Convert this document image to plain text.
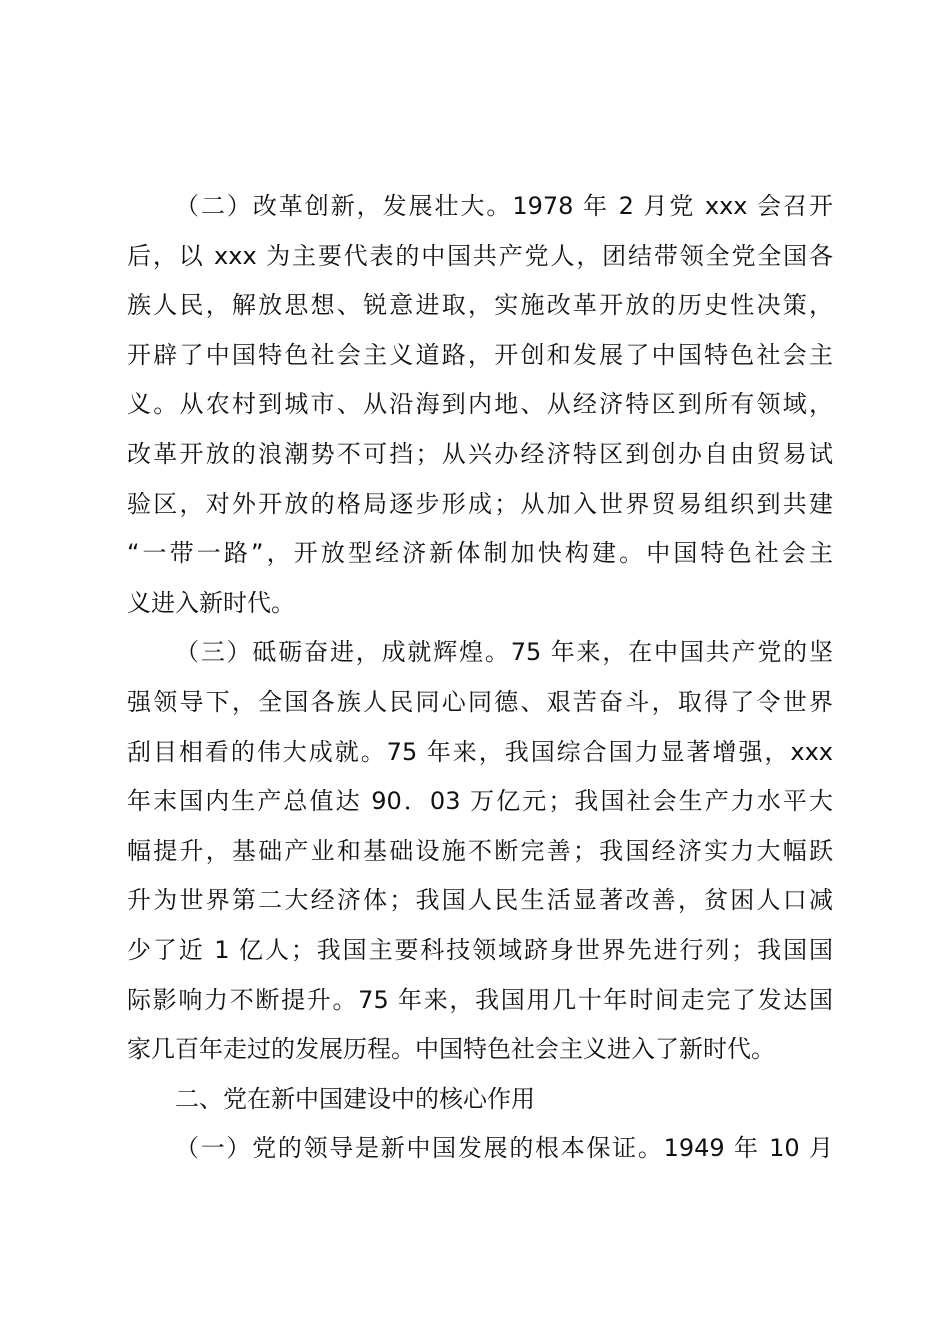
（二）改革创新，发展壮大。1978 年 2 月党 xxx 会召开
后，以 xxx 为主要代表的中国共产党人，团结带领全党全国各
族人民，解放思想、锐意进取，实施改革开放的历史性决策，
开辟了中国特色社会主义道路，开创和发展了中国特色社会主
义。从农村到城市、从沿海到内地、从经济特区到所有领域，
改革开放的浪潮势不可挡；从兴办经济特区到创办自由贸易试
验区，对外开放的格局逐步形成；从加入世界贸易组织到共建
“一带一路”，开放型经济新体制加快构建。中国特色社会主
义进入新时代。
（三）砥砺奋进，成就辉煌。75 年来，在中国共产党的坚
强领导下，全国各族人民同心同德、艰苦奋斗，取得了令世界
刮目相看的伟大成就。75 年来，我国综合国力显著增强，xxx
年末国内生产总值达 90．03 万亿元；我国社会生产力水平大
幅提升，基础产业和基础设施不断完善；我国经济实力大幅跃
升为世界第二大经济体；我国人民生活显著改善，贫困人口减
少了近 1 亿人；我国主要科技领域跻身世界先进行列；我国国
际影响力不断提升。75 年来，我国用几十年时间走完了发达国
家几百年走过的发展历程。中国特色社会主义进入了新时代。
二、党在新中国建设中的核心作用
（一）党的领导是新中国发展的根本保证。1949 年 10 月
